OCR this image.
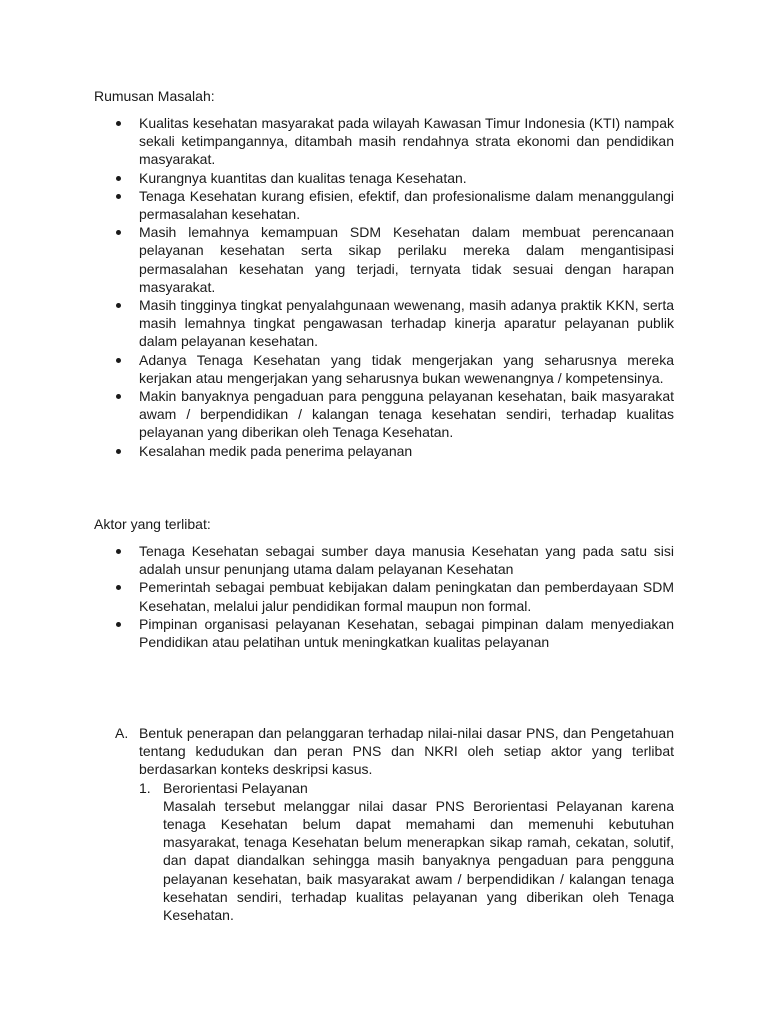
Rumusan Masalah:

Kualitas kesehatan masyarakat pada wilayah Kawasan Timur Indonesia (KTI) nampak sekali ketimpangannya, ditambah masih rendahnya strata ekonomi dan pendidikan masyarakat.
Kurangnya kuantitas dan kualitas tenaga Kesehatan.
Tenaga Kesehatan kurang efisien, efektif, dan profesionalisme dalam menanggulangi permasalahan kesehatan.
Masih lemahnya kemampuan SDM Kesehatan dalam membuat perencanaan pelayanan kesehatan serta sikap perilaku mereka dalam mengantisipasi permasalahan kesehatan yang terjadi, ternyata tidak sesuai dengan harapan masyarakat.
Masih tingginya tingkat penyalahgunaan wewenang, masih adanya praktik KKN, serta masih lemahnya tingkat pengawasan terhadap kinerja aparatur pelayanan publik dalam pelayanan kesehatan.
Adanya Tenaga Kesehatan yang tidak mengerjakan yang seharusnya mereka kerjakan atau mengerjakan yang seharusnya bukan wewenangnya / kompetensinya.
Makin banyaknya pengaduan para pengguna pelayanan kesehatan, baik masyarakat awam / berpendidikan / kalangan tenaga kesehatan sendiri, terhadap kualitas pelayanan yang diberikan oleh Tenaga Kesehatan.
Kesalahan medik pada penerima pelayanan

Aktor yang terlibat:

Tenaga Kesehatan sebagai sumber daya manusia Kesehatan yang pada satu sisi adalah unsur penunjang utama dalam pelayanan Kesehatan
Pemerintah sebagai pembuat kebijakan dalam peningkatan dan pemberdayaan SDM Kesehatan, melalui jalur pendidikan formal maupun non formal.
Pimpinan organisasi pelayanan Kesehatan, sebagai pimpinan dalam menyediakan Pendidikan atau pelatihan untuk meningkatkan kualitas pelayanan
A. Bentuk penerapan dan pelanggaran terhadap nilai-nilai dasar PNS, dan Pengetahuan tentang kedudukan dan peran PNS dan NKRI oleh setiap aktor yang terlibat berdasarkan konteks deskripsi kasus.

1. Berorientasi Pelayanan

Masalah tersebut melanggar nilai dasar PNS Berorientasi Pelayanan karena tenaga Kesehatan belum dapat memahami dan memenuhi kebutuhan masyarakat, tenaga Kesehatan belum menerapkan sikap ramah, cekatan, solutif, dan dapat diandalkan sehingga masih banyaknya pengaduan para pengguna pelayanan kesehatan, baik masyarakat awam / berpendidikan / kalangan tenaga kesehatan sendiri, terhadap kualitas pelayanan yang diberikan oleh Tenaga Kesehatan.
